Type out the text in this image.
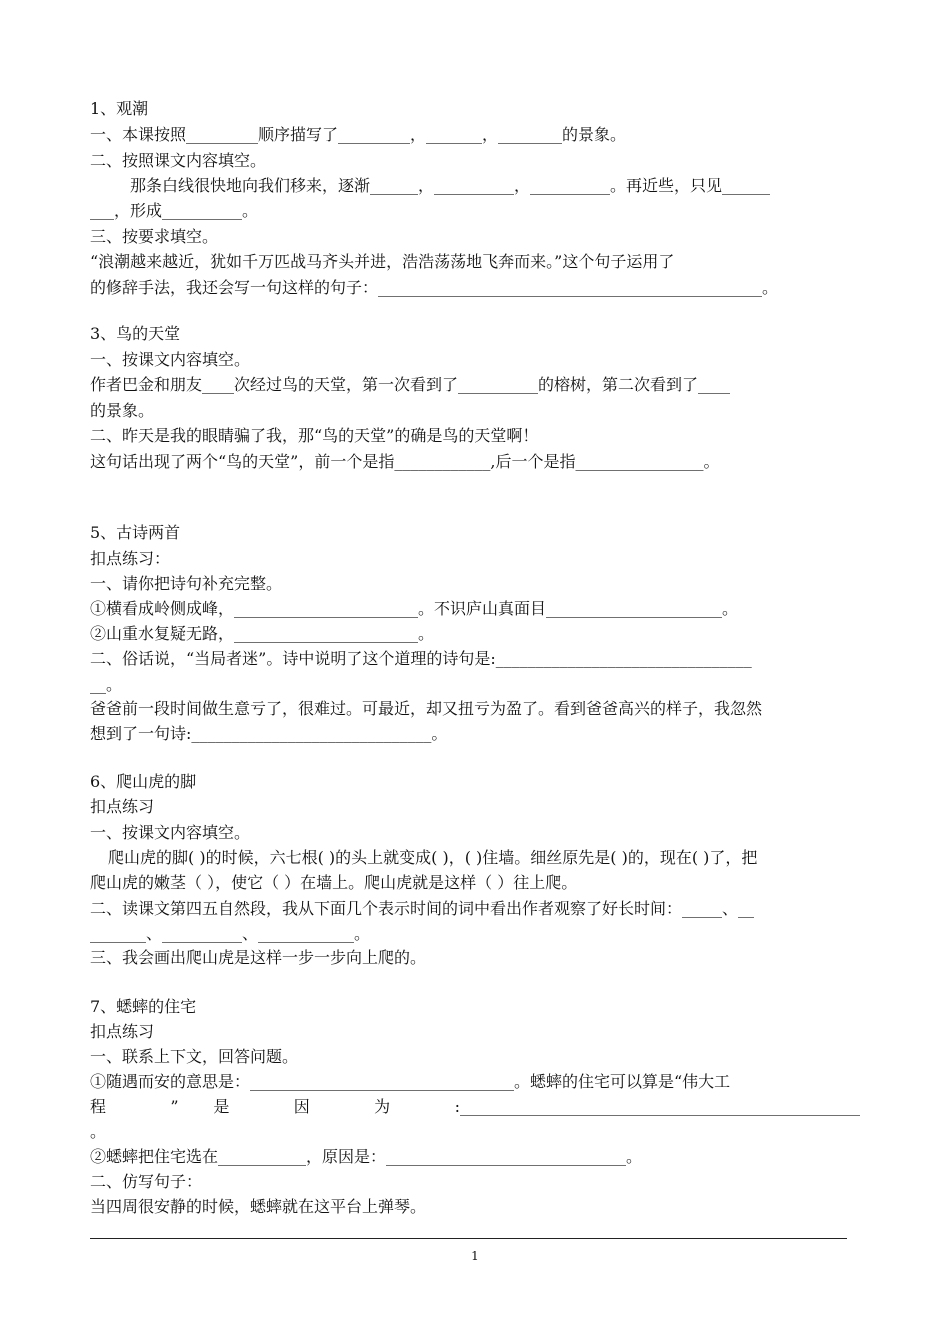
1、观潮
一、本课按照_________顺序描写了_________，_______，________的景象。
二、按照课文内容填空。
那条白线很快地向我们移来，逐渐______，__________，__________。再近些，只见______
___，形成__________。
三、按要求填空。
“浪潮越来越近，犹如千万匹战马齐头并进，浩浩荡荡地飞奔而来。”这个句子运用了
的修辞手法，我还会写一句这样的句子：________________________________________________。
3、鸟的天堂
一、按课文内容填空。
作者巴金和朋友____次经过鸟的天堂，第一次看到了__________的榕树，第二次看到了____
的景象。
二、昨天是我的眼睛骗了我，那“鸟的天堂”的确是鸟的天堂啊！
这句话出现了两个“鸟的天堂”，前一个是指____________,后一个是指________________。
5、古诗两首
扣点练习：
一、请你把诗句补充完整。
①横看成岭侧成峰，_______________________。不识庐山真面目______________________。
②山重水复疑无路，_______________________。
二、俗话说，“当局者迷”。诗中说明了这个道理的诗句是:________________________________
__。
爸爸前一段时间做生意亏了，很难过。可最近，却又扭亏为盈了。看到爸爸高兴的样子，我忽然
想到了一句诗:______________________________。
6、爬山虎的脚
扣点练习
一、按课文内容填空。
爬山虎的脚( )的时候，六七根( )的头上就变成( )，( )住墙。细丝原先是( )的，现在( )了，把
爬山虎的嫩茎（ ），使它（ ）在墙上。爬山虎就是这样（ ）往上爬。
二、读课文第四五自然段，我从下面几个表示时间的词中看出作者观察了好长时间：_____、__
_______、__________、____________。
三、我会画出爬山虎是这样一步一步向上爬的。
7、蟋蟀的住宅
扣点练习
一、联系上下文，回答问题。
①随遇而安的意思是：_________________________________。蟋蟀的住宅可以算是“伟大工
程 ” 是 因 为 :__________________________________________________
。
②蟋蟀把住宅选在___________，原因是：______________________________。
二、仿写句子：
当四周很安静的时候，蟋蟀就在这平台上弹琴。
1
